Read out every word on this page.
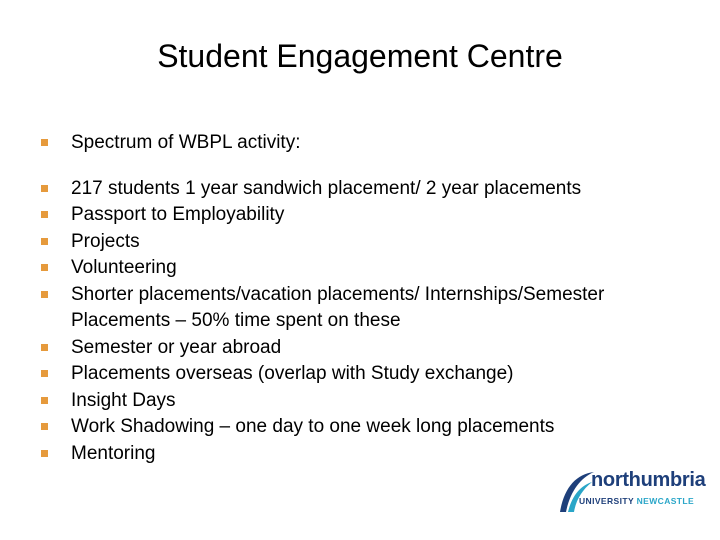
Student Engagement Centre
Spectrum of WBPL activity:
217 students 1 year sandwich placement/ 2 year placements
Passport to Employability
Projects
Volunteering
Shorter placements/vacation placements/ Internships/Semester Placements – 50% time spent on these
Semester or year abroad
Placements overseas (overlap with Study exchange)
Insight Days
Work Shadowing – one day to one week long placements
Mentoring
northumbria
UNIVERSITY NEWCASTLE
